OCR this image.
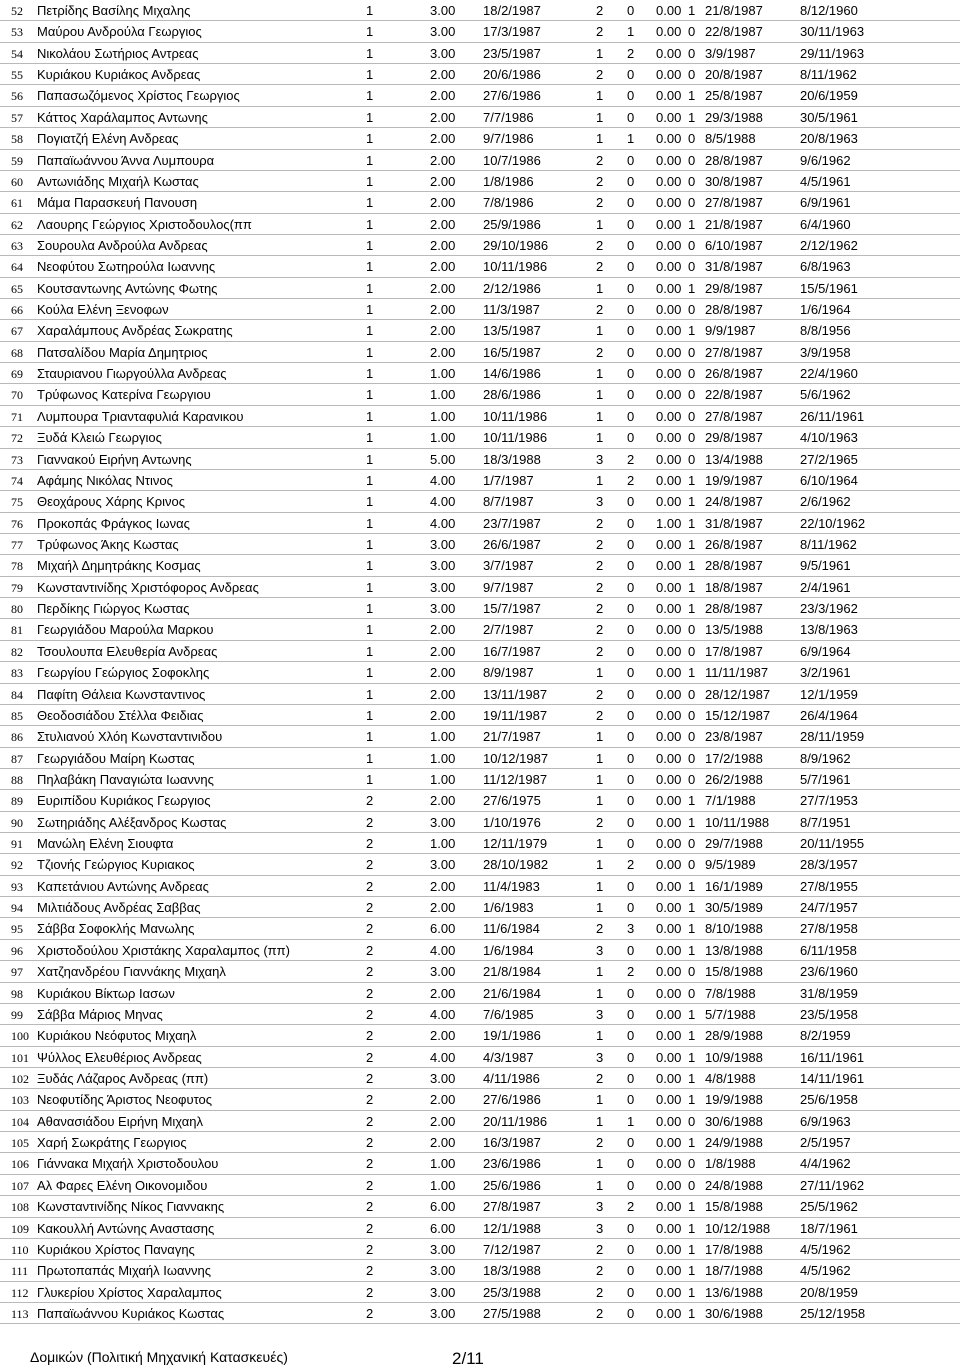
52 Πετρίδης Βασίλης Μιχαλης	1	3.00 18/2/1987	2 0 0.00 1 21/8/1987	8/12/1960
53 Μαύρου Ανδρούλα Γεωργιος	1	3.00 17/3/1987	2 1 0.00 0 22/8/1987	30/11/1963
54 Νικολάου Σωτήριος Αντρεας	1	3.00 23/5/1987	1 2 0.00 0 3/9/1987	29/11/1963
55 Κυριάκου Κυριάκος Ανδρεας	1	2.00 20/6/1986	2 0 0.00 0 20/8/1987	8/11/1962
56 Παπασωζόμενος Χρίστος Γεωργιος	1	2.00 27/6/1986	1 0 0.00 1 25/8/1987	20/6/1959
57 Κάττος Χαράλαμπος Αντωνης	1	2.00 7/7/1986	1 0 0.00 1 29/3/1988	30/5/1961
58 Πογιατζή Ελένη Ανδρεας	1	2.00 9/7/1986	1 1 0.00 0 8/5/1988	20/8/1963
59 Παπαϊωάννου Άννα Λυμπουρα	1	2.00 10/7/1986	2 0 0.00 0 28/8/1987	9/6/1962
60 Αντωνιάδης Μιχαήλ Κωστας	1	2.00 1/8/1986	2 0 0.00 0 30/8/1987	4/5/1961
61 Μάμα Παρασκευή Πανουση	1	2.00 7/8/1986	2 0 0.00 0 27/8/1987	6/9/1961
62 Λαουρης Γεώργιος Χριστοδουλος(ππ	1	2.00 25/9/1986	1 0 0.00 1 21/8/1987	6/4/1960
63 Σουρουλα Ανδρούλα Ανδρεας	1	2.00 29/10/1986	2 0 0.00 0 6/10/1987	2/12/1962
64 Νεοφύτου Σωτηρούλα Ιωαννης	1	2.00 10/11/1986	2 0 0.00 0 31/8/1987	6/8/1963
65 Κουτσαντωνης Αντώνης Φωτης	1	2.00 2/12/1986	1 0 0.00 1 29/8/1987	15/5/1961
66 Κούλα Ελένη Ξενοφων	1	2.00 11/3/1987	2 0 0.00 0 28/8/1987	1/6/1964
67 Χαραλάμπους Ανδρέας Σωκρατης	1	2.00 13/5/1987	1 0 0.00 1 9/9/1987	8/8/1956
68 Πατσαλίδου Μαρία Δημητριος	1	2.00 16/5/1987	2 0 0.00 0 27/8/1987	3/9/1958
69 Σταυριανου Γιωργούλλα Ανδρεας	1	1.00 14/6/1986	1 0 0.00 0 26/8/1987	22/4/1960
70 Τρύφωνος Κατερίνα Γεωργιου	1	1.00 28/6/1986	1 0 0.00 0 22/8/1987	5/6/1962
71 Λυμπουρα Τριανταφυλιά Καρανικου	1	1.00 10/11/1986	1 0 0.00 0 27/8/1987	26/11/1961
72 Ξυδά Κλειώ Γεωργιος	1	1.00 10/11/1986	1 0 0.00 0 29/8/1987	4/10/1963
73 Γιαννακού Ειρήνη Αντωνης	1	5.00 18/3/1988	3 2 0.00 0 13/4/1988	27/2/1965
74 Αφάμης Νικόλας Ντινος	1	4.00 1/7/1987	1 2 0.00 1 19/9/1987	6/10/1964
75 Θεοχάρους Χάρης Κρινος	1	4.00 8/7/1987	3 0 0.00 1 24/8/1987	2/6/1962
76 Προκοπάς Φράγκος Ιωνας	1	4.00 23/7/1987	2 0 1.00 1 31/8/1987	22/10/1962
77 Τρύφωνος Άκης Κωστας	1	3.00 26/6/1987	2 0 0.00 1 26/8/1987	8/11/1962
78 Μιχαήλ Δημητράκης Κοσμας	1	3.00 3/7/1987	2 0 0.00 1 28/8/1987	9/5/1961
79 Κωνσταντινίδης Χριστόφορος Ανδρεας	1	3.00 9/7/1987	2 0 0.00 1 18/8/1987	2/4/1961
80 Περδίκης Γιώργος Κωστας	1	3.00 15/7/1987	2 0 0.00 1 28/8/1987	23/3/1962
81 Γεωργιάδου Μαρούλα Μαρκου	1	2.00 2/7/1987	2 0 0.00 0 13/5/1988	13/8/1963
82 Τσουλουπα Ελευθερία Ανδρεας	1	2.00 16/7/1987	2 0 0.00 0 17/8/1987	6/9/1964
83 Γεωργίου Γεώργιος Σοφοκλης	1	2.00 8/9/1987	1 0 0.00 1 11/11/1987 3/2/1961
84 Παφίτη Θάλεια Κωνσταντινος	1	2.00 13/11/1987	2 0 0.00 0 28/12/1987 12/1/1959
85 Θεοδοσιάδου Στέλλα Φειδιας	1	2.00 19/11/1987	2 0 0.00 0 15/12/1987 26/4/1964
86 Στυλιανού Χλόη Κωνσταντινιδου	1	1.00 21/7/1987	1 0 0.00 0 23/8/1987	28/11/1959
87 Γεωργιάδου Μαίρη Κωστας	1	1.00 10/12/1987	1 0 0.00 0 17/2/1988	8/9/1962
88 Πηλαβάκη Παναγιώτα Ιωαννης	1	1.00 11/12/1987	1 0 0.00 0 26/2/1988	5/7/1961
89 Ευριπίδου Κυριάκος Γεωργιος	2	2.00 27/6/1975	1 0 0.00 1 7/1/1988	27/7/1953
90 Σωτηριάδης Αλέξανδρος Κωστας	2	3.00 1/10/1976	2 0 0.00 1 10/11/1988 8/7/1951
91 Μανώλη Ελένη Σιουφτα	2	1.00 12/11/1979	1 0 0.00 0 29/7/1988	20/11/1955
92 Τζιονής Γεώργιος Κυριακος	2	3.00 28/10/1982	1 2 0.00 0 9/5/1989	28/3/1957
93 Καπετάνιου Αντώνης Ανδρεας	2	2.00 11/4/1983	1 0 0.00 1 16/1/1989	27/8/1955
94 Μιλτιάδους Ανδρέας Σαββας	2	2.00 1/6/1983	1 0 0.00 1 30/5/1989	24/7/1957
95 Σάββα Σοφοκλής Μανωλης	2	6.00 11/6/1984	2 3 0.00 1 8/10/1988	27/8/1958
96 Χριστοδούλου Χριστάκης Χαραλαμπος (ππ)	2	4.00 1/6/1984	3 0 0.00 1 13/8/1988	6/11/1958
97 Χατζηανδρέου Γιαννάκης Μιχαηλ	2	3.00 21/8/1984	1 2 0.00 0 15/8/1988	23/6/1960
98 Κυριάκου Βίκτωρ Ιασων	2	2.00 21/6/1984	1 0 0.00 0 7/8/1988	31/8/1959
99 Σάββα Μάριος Μηνας	2	4.00 7/6/1985	3 0 0.00 1 5/7/1988	23/5/1958
100 Κυριάκου Νεόφυτος Μιχαηλ	2	2.00 19/1/1986	1 0 0.00 1 28/9/1988	8/2/1959
101 Ψύλλος Ελευθέριος Ανδρεας	2	4.00 4/3/1987	3 0 0.00 1 10/9/1988	16/11/1961
102 Ξυδάς Λάζαρος Ανδρεας (ππ)	2	3.00 4/11/1986	2 0 0.00 1 4/8/1988	14/11/1961
103 Νεοφυτίδης Άριστος Νεοφυτος	2	2.00 27/6/1986	1 0 0.00 1 19/9/1988	25/6/1958
104 Αθανασιάδου Ειρήνη Μιχαηλ	2	2.00 20/11/1986	1 1 0.00 0 30/6/1988	6/9/1963
105 Χαρή Σωκράτης Γεωργιος	2	2.00 16/3/1987	2 0 0.00 1 24/9/1988	2/5/1957
106 Γιάννακα Μιχαήλ Χριστοδουλου	2	1.00 23/6/1986	1 0 0.00 0 1/8/1988	4/4/1962
107 Αλ Φαρες Ελένη Οικονομιδου	2	1.00 25/6/1986	1 0 0.00 0 24/8/1988	27/11/1962
108 Κωνσταντινίδης Νίκος Γιαννακης	2	6.00 27/8/1987	3 2 0.00 1 15/8/1988	25/5/1962
109 Κακουλλή Αντώνης Αναστασης	2	6.00 12/1/1988	3 0 0.00 1 10/12/1988 18/7/1961
110 Κυριάκου Χρίστος Παναγης	2	3.00 7/12/1987	2 0 0.00 1 17/8/1988	4/5/1962
111 Πρωτοπαπάς Μιχαήλ Ιωαννης	2	3.00 18/3/1988	2 0 0.00 1 18/7/1988	4/5/1962
112 Γλυκερίου Χρίστος Χαραλαμπος	2	3.00 25/3/1988	2 0 0.00 1 13/6/1988	20/8/1959
113 Παπαϊωάννου Κυριάκος Κωστας	2	3.00 27/5/1988	2 0 0.00 1 30/6/1988	25/12/1958
Δομικών (Πολιτική Μηχανική Κατασκευές)	2/11
